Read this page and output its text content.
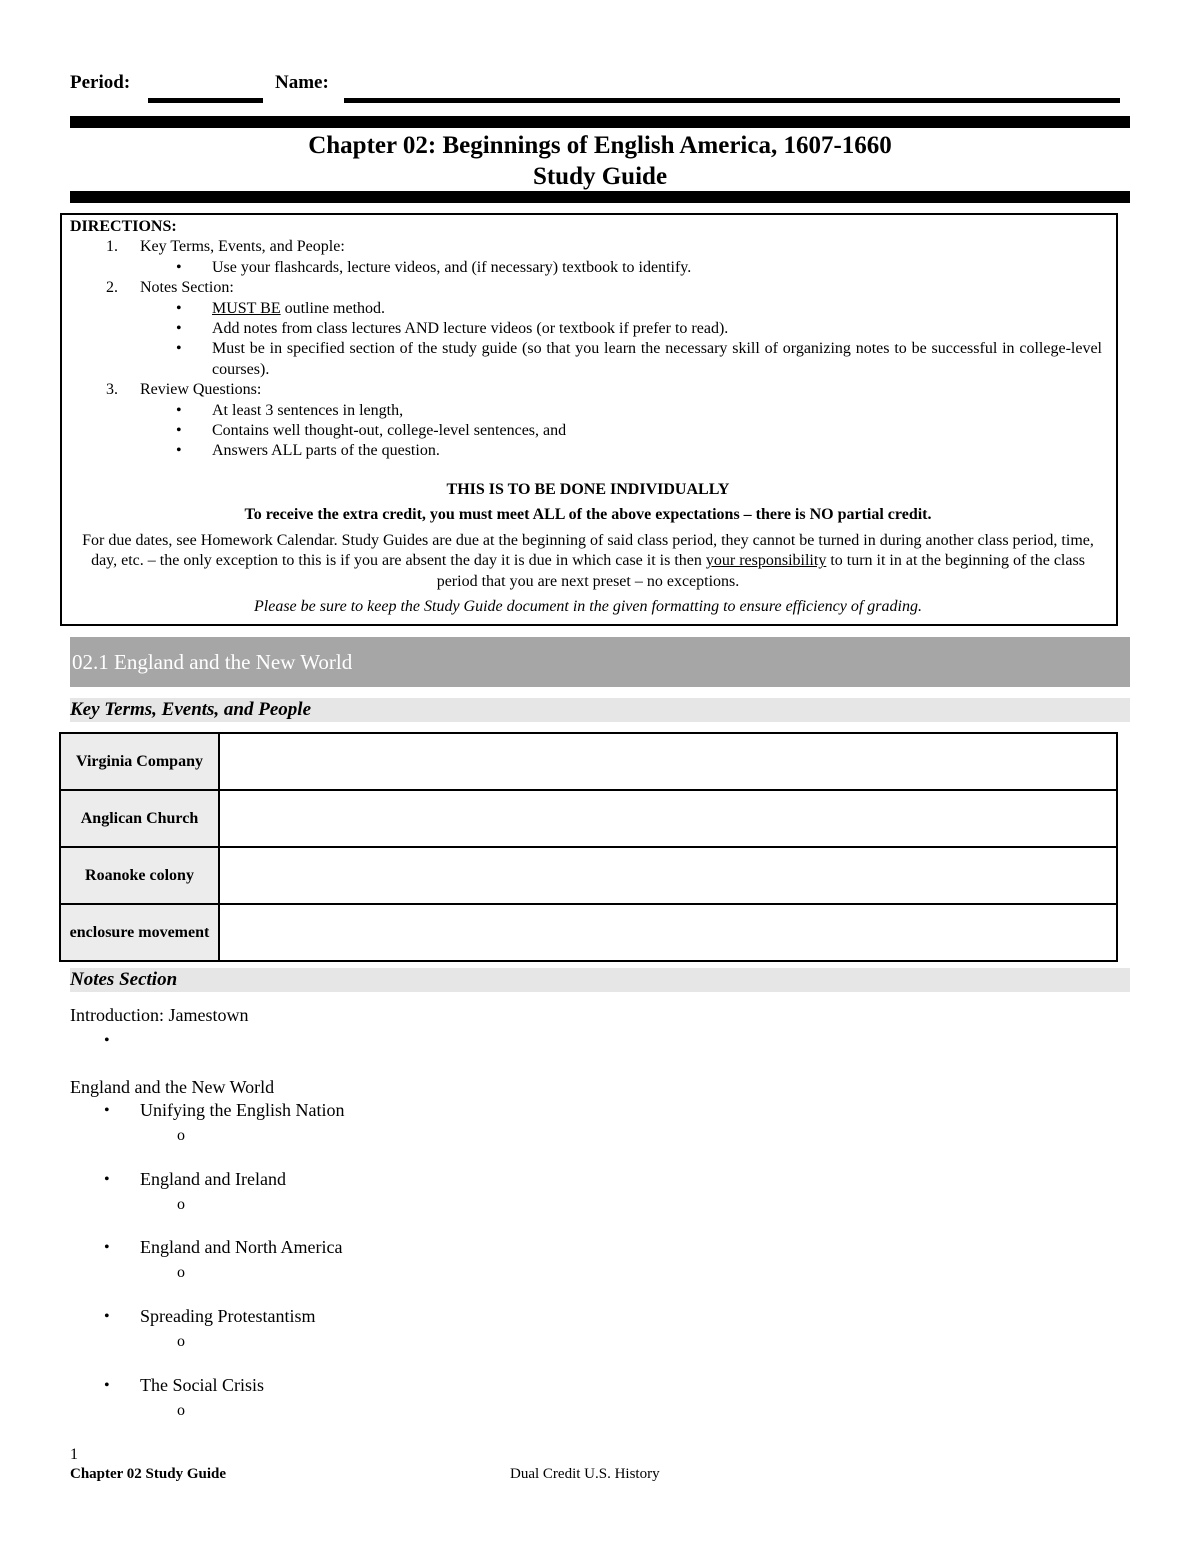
Period:	Name:
Chapter 02: Beginnings of English America, 1607-1660
Study Guide
DIRECTIONS:
1. Key Terms, Events, and People:
• Use your flashcards, lecture videos, and (if necessary) textbook to identify.
2. Notes Section:
• MUST BE outline method.
• Add notes from class lectures AND lecture videos (or textbook if prefer to read).
• Must be in specified section of the study guide (so that you learn the necessary skill of organizing notes to be successful in college-level courses).
3. Review Questions:
• At least 3 sentences in length,
• Contains well thought-out, college-level sentences, and
• Answers ALL parts of the question.
THIS IS TO BE DONE INDIVIDUALLY
To receive the extra credit, you must meet ALL of the above expectations – there is NO partial credit.
For due dates, see Homework Calendar. Study Guides are due at the beginning of said class period, they cannot be turned in during another class period, time, day, etc. – the only exception to this is if you are absent the day it is due in which case it is then your responsibility to turn it in at the beginning of the class period that you are next preset – no exceptions.
Please be sure to keep the Study Guide document in the given formatting to ensure efficiency of grading.
02.1 England and the New World
Key Terms, Events, and People
Virginia Company	
Anglican Church	
Roanoke colony	
enclosure movement	
Notes Section
Introduction: Jamestown
•
England and the New World
• Unifying the English Nation
o
• England and Ireland
o
• England and North America
o
• Spreading Protestantism
o
• The Social Crisis
o
1
Chapter 02 Study Guide	Dual Credit U.S. History
